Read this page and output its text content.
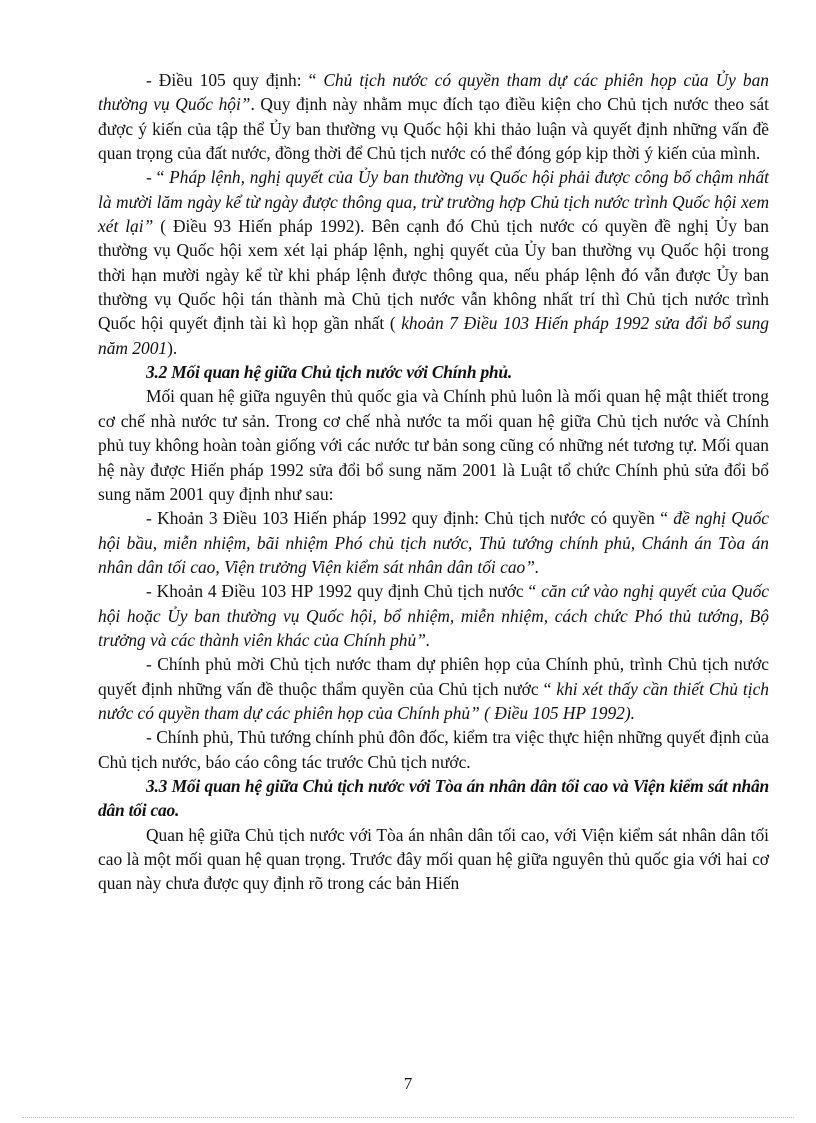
- Điều 105 quy định: “ Chủ tịch nước có quyền tham dự các phiên họp của Ủy ban thường vụ Quốc hội”. Quy định này nhằm mục đích tạo điều kiện cho Chủ tịch nước theo sát được ý kiến của tập thể Ủy ban thường vụ Quốc hội khi thảo luận và quyết định những vấn đề quan trọng của đất nước, đồng thời để Chủ tịch nước có thể đóng góp kịp thời ý kiến của mình.

- “ Pháp lệnh, nghị quyết của Ủy ban thường vụ Quốc hội phải được công bố chậm nhất là mười lăm ngày kể từ ngày được thông qua, trừ trường hợp Chủ tịch nước trình Quốc hội xem xét lại” ( Điều 93 Hiến pháp 1992). Bên cạnh đó Chủ tịch nước có quyền đề nghị Ủy ban thường vụ Quốc hội xem xét lại pháp lệnh, nghị quyết của Ủy ban thường vụ Quốc hội trong thời hạn mười ngày kể từ khi pháp lệnh được thông qua, nếu pháp lệnh đó vẫn được Ủy ban thường vụ Quốc hội tán thành mà Chủ tịch nước vẫn không nhất trí thì Chủ tịch nước trình Quốc hội quyết định tài kì họp gần nhất ( khoản 7 Điều 103 Hiến pháp 1992 sửa đổi bổ sung năm 2001).

3.2 Mối quan hệ giữa Chủ tịch nước với Chính phủ.

Mối quan hệ giữa nguyên thủ quốc gia và Chính phủ luôn là mối quan hệ mật thiết trong cơ chế nhà nước tư sản. Trong cơ chế nhà nước ta mối quan hệ giữa Chủ tịch nước và Chính phủ tuy không hoàn toàn giống với các nước tư bản song cũng có những nét tương tự. Mối quan hệ này được Hiến pháp 1992 sửa đổi bổ sung năm 2001 là Luật tổ chức Chính phủ sửa đổi bổ sung năm 2001 quy định như sau:

- Khoản 3 Điều 103 Hiến pháp 1992 quy định: Chủ tịch nước có quyền “ đề nghị Quốc hội bầu, miễn nhiệm, bãi nhiệm Phó chủ tịch nước, Thủ tướng chính phủ, Chánh án Tòa án nhân dân tối cao, Viện trưởng Viện kiểm sát nhân dân tối cao”.

- Khoản 4 Điều 103 HP 1992 quy định Chủ tịch nước “ căn cứ vào nghị quyết của Quốc hội hoặc Ủy ban thường vụ Quốc hội, bổ nhiệm, miễn nhiệm, cách chức Phó thủ tướng, Bộ trưởng và các thành viên khác của Chính phủ”.

- Chính phủ mời Chủ tịch nước tham dự phiên họp của Chính phủ, trình Chủ tịch nước quyết định những vấn đề thuộc thẩm quyền của Chủ tịch nước “ khi xét thấy cần thiết Chủ tịch nước có quyền tham dự các phiên họp của Chính phủ” ( Điều 105 HP 1992).

- Chính phủ, Thủ tướng chính phủ đôn đốc, kiểm tra việc thực hiện những quyết định của Chủ tịch nước, báo cáo công tác trước Chủ tịch nước.

3.3 Mối quan hệ giữa Chủ tịch nước với Tòa án nhân dân tối cao và Viện kiểm sát nhân dân tối cao.

Quan hệ giữa Chủ tịch nước với Tòa án nhân dân tối cao, với Viện kiểm sát nhân dân tối cao là một mối quan hệ quan trọng. Trước đây mối quan hệ giữa nguyên thủ quốc gia với hai cơ quan này chưa được quy định rõ trong các bản Hiến

7
